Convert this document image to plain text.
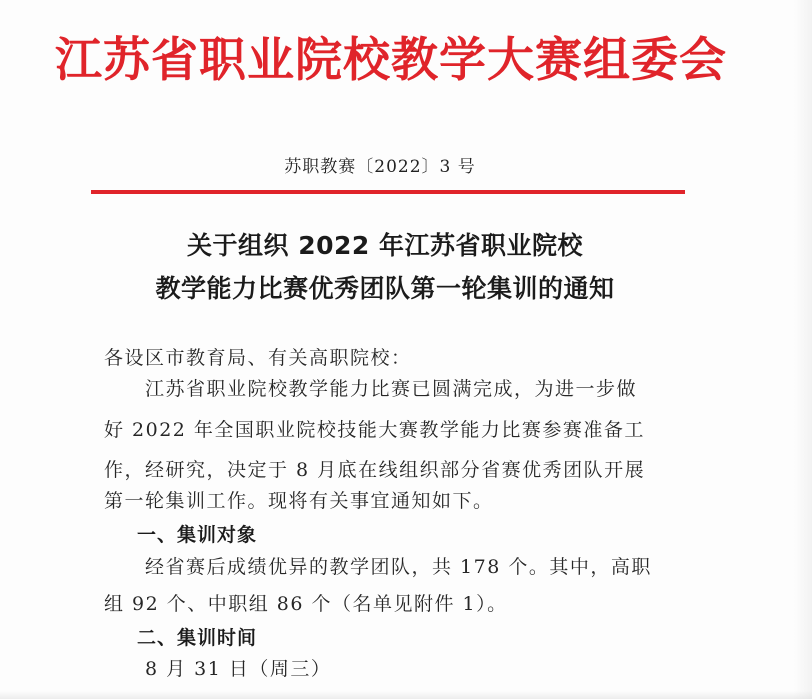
江苏省职业院校教学大赛组委会
苏职教赛〔2022〕3 号
关于组织 2022 年江苏省职业院校
教学能力比赛优秀团队第一轮集训的通知
各设区市教育局、有关高职院校：
江苏省职业院校教学能力比赛已圆满完成，为进一步做
好 2022 年全国职业院校技能大赛教学能力比赛参赛准备工
作，经研究，决定于 8 月底在线组织部分省赛优秀团队开展
第一轮集训工作。现将有关事宜通知如下。
一、集训对象
经省赛后成绩优异的教学团队，共 178 个。其中，高职
组 92 个、中职组 86 个（名单见附件 1）。
二、集训时间
8 月 31 日（周三）
